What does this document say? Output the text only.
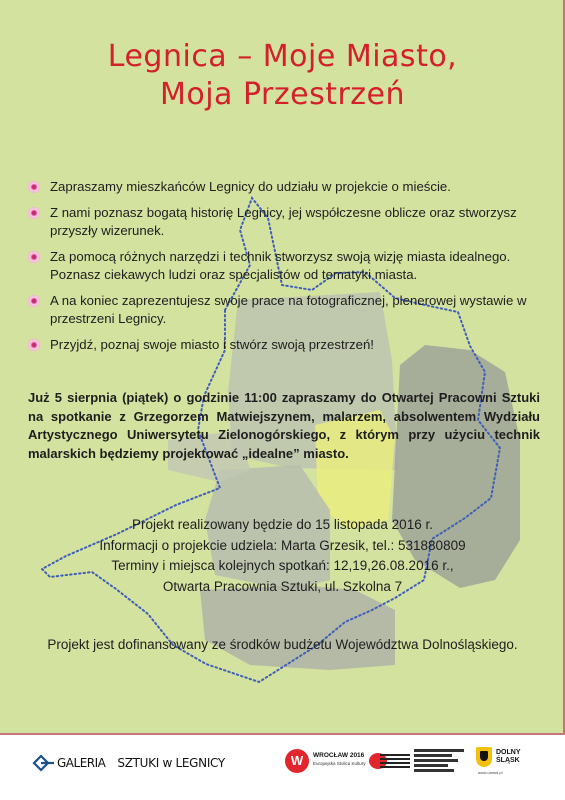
Legnica – Moje Miasto,
Moja Przestrzeń
Zapraszamy mieszkańców Legnicy do udziału w projekcie o mieście.
Z nami poznasz bogatą historię Legnicy, jej współczesne oblicze oraz stworzysz przyszły wizerunek.
Za pomocą różnych narzędzi i technik stworzysz swoją wizję miasta idealnego. Poznasz ciekawych ludzi oraz specjalistów od tematyki miasta.
A na koniec zaprezentujesz swoje prace na fotograficznej, plenerowej wystawie w przestrzeni Legnicy.
Przyjdź, poznaj swoje miasto i stwórz swoją przestrzeń!
Już 5 sierpnia (piątek) o godzinie 11:00 zapraszamy do Otwartej Pracowni Sztuki na spotkanie z Grzegorzem Matwiejszynem, malarzem, absolwentem Wydziału Artystycznego Uniwersytetu Zielonogórskiego, z którym przy użyciu technik malarskich będziemy projektować „idealne” miasto.
Projekt realizowany będzie do 15 listopada 2016 r.
Informacji o projekcie udziela: Marta Grzesik, tel.: 531880809
Terminy i miejsca kolejnych spotkań: 12,19,26.08.2016 r.,
Otwarta Pracownia Sztuki, ul. Szkolna 7
Projekt jest dofinansowany ze środków budżetu Województwa Dolnośląskiego.
GALERIA SZTUKI w LEGNICY	W	WROCŁAW 2016
Europejska Stolica Kultury
DOLNY
ŚLĄSK
www.umwd.pl
